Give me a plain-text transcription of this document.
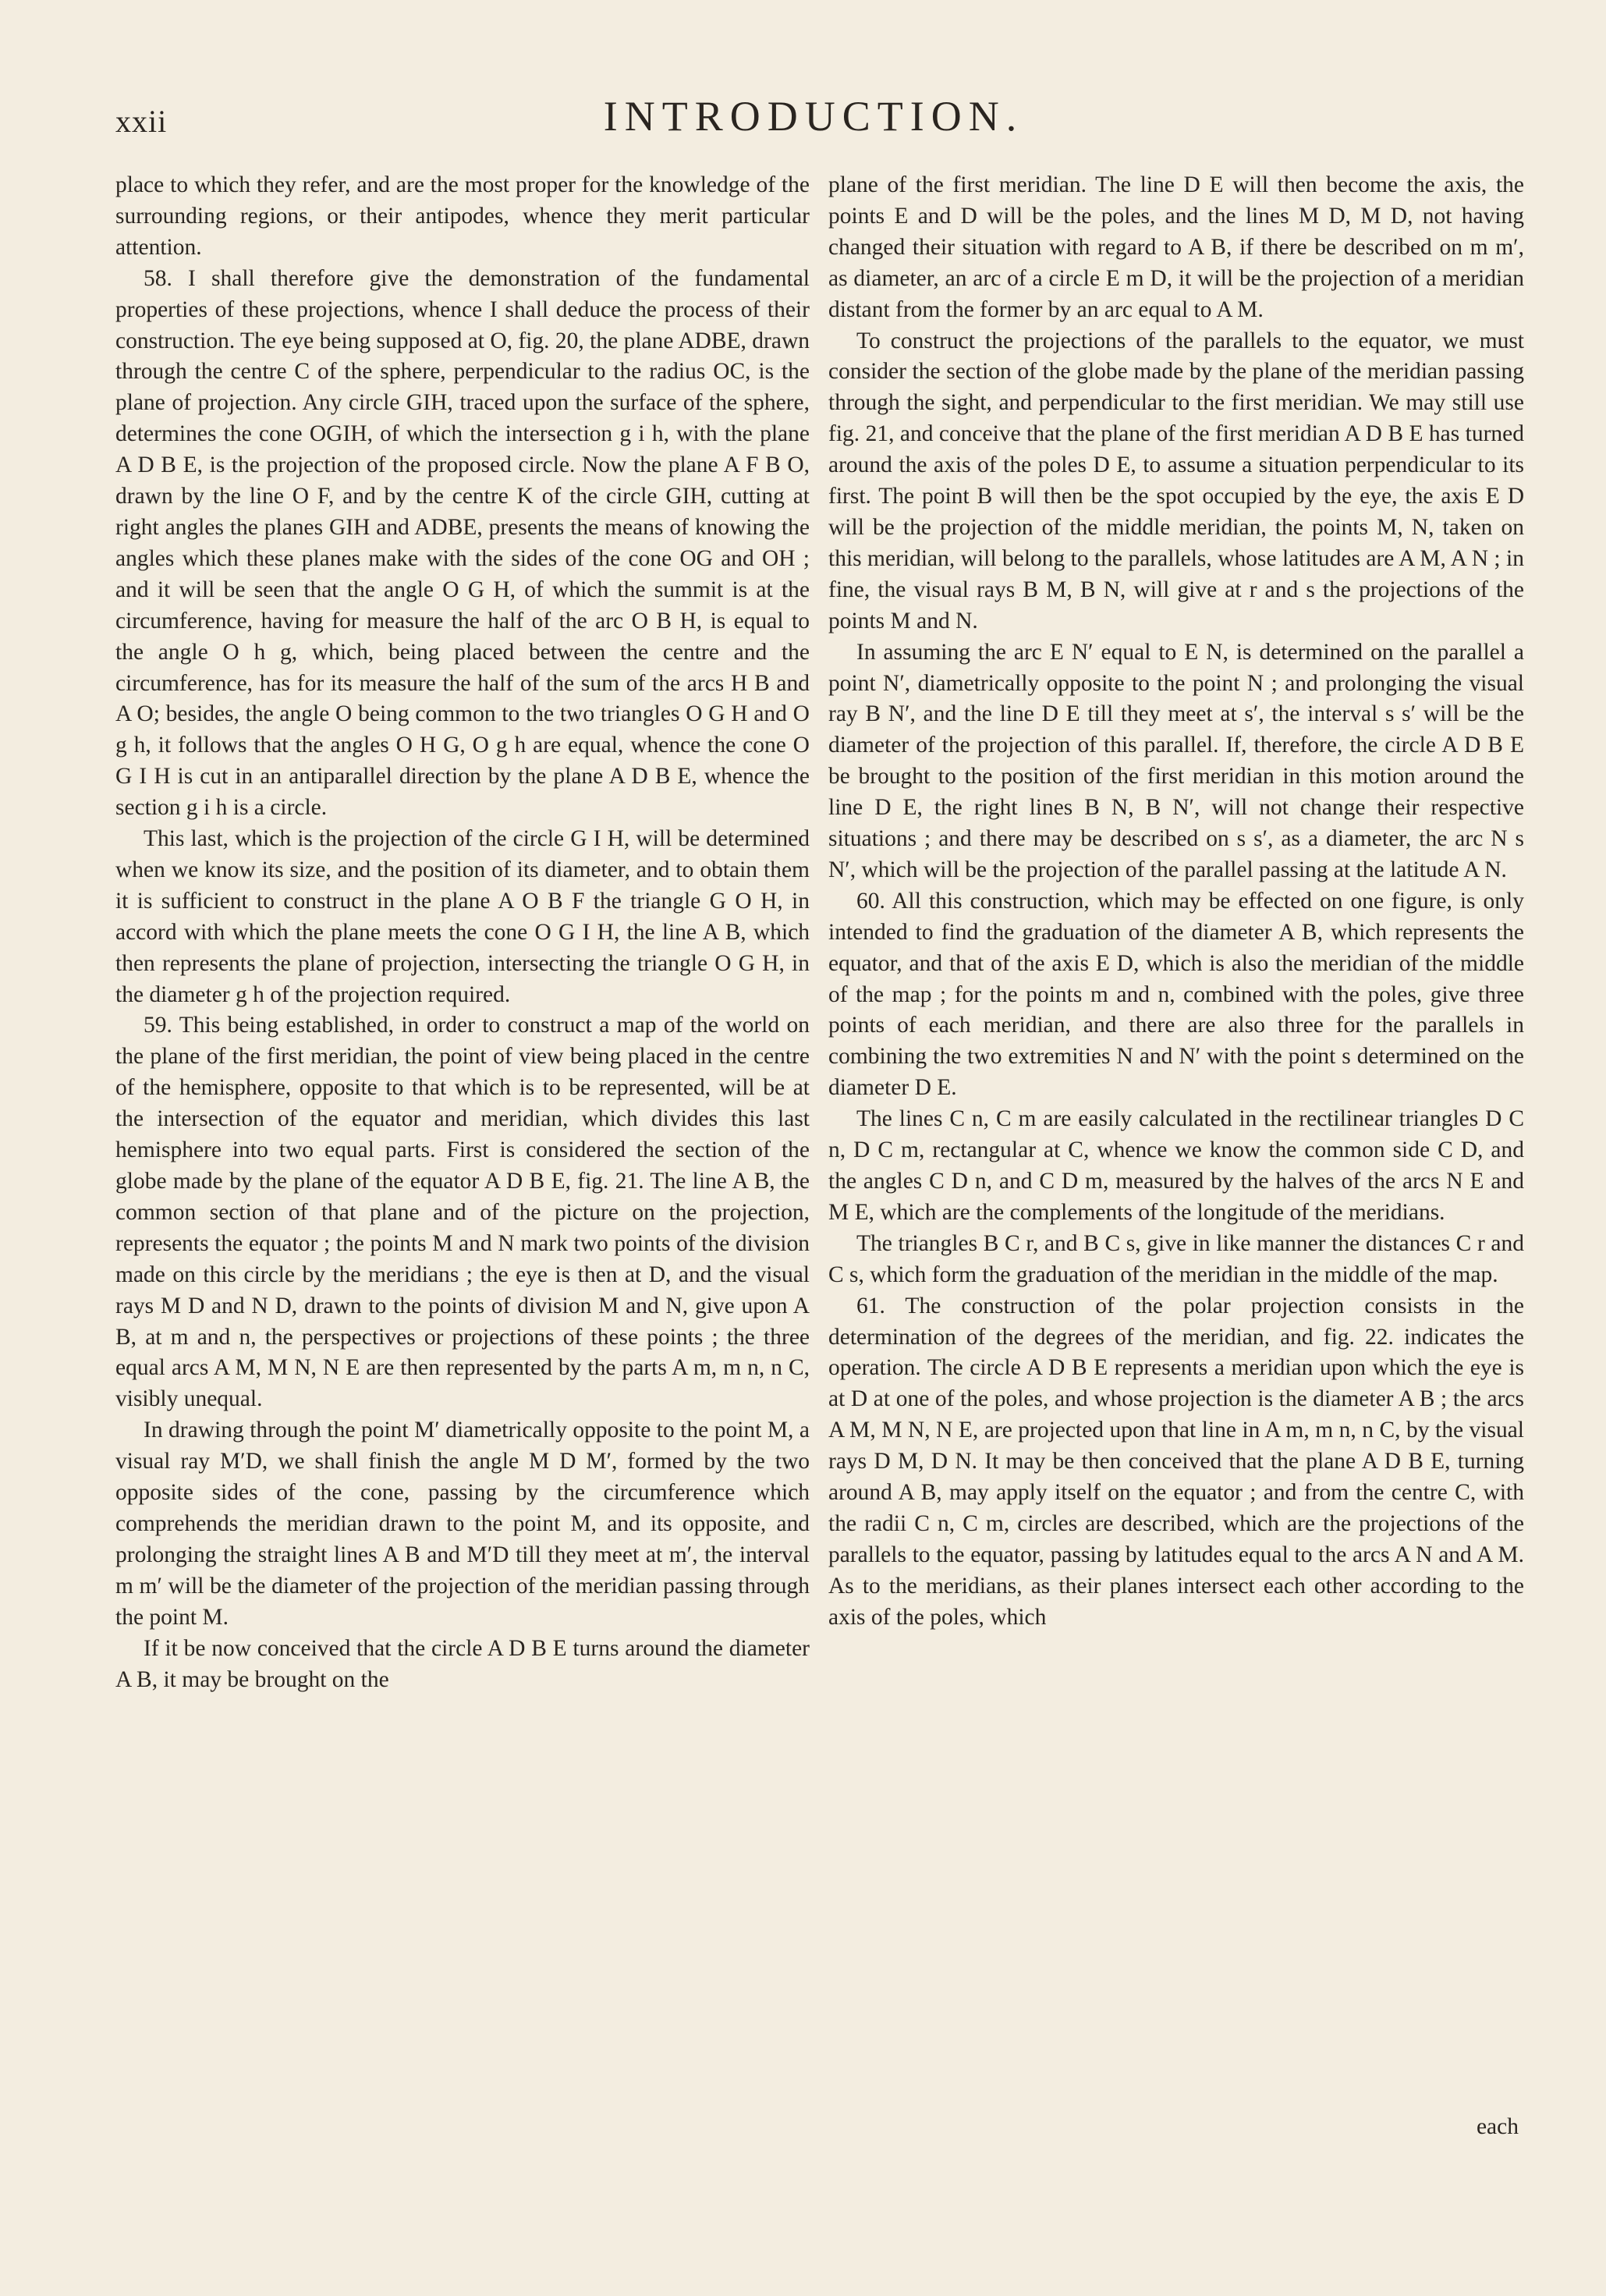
xxii	INTRODUCTION.

place to which they refer, and are the most proper for the knowledge of the surrounding regions, or their antipodes, whence they merit particular attention.

58. I shall therefore give the demonstration of the fundamental properties of these projections, whence I shall deduce the process of their construction. The eye being supposed at O, fig. 20, the plane ADBE, drawn through the centre C of the sphere, perpendicular to the radius OC, is the plane of projection. Any circle GIH, traced upon the surface of the sphere, determines the cone OGIH, of which the intersection g i h, with the plane A D B E, is the projection of the proposed circle. Now the plane A F B O, drawn by the line O F, and by the centre K of the circle GIH, cutting at right angles the planes GIH and ADBE, presents the means of knowing the angles which these planes make with the sides of the cone OG and OH ; and it will be seen that the angle O G H, of which the summit is at the circumference, having for measure the half of the arc O B H, is equal to the angle O h g, which, being placed between the centre and the circumference, has for its measure the half of the sum of the arcs H B and A O; besides, the angle O being common to the two triangles O G H and O g h, it follows that the angles O H G, O g h are equal, whence the cone O G I H is cut in an antiparallel direction by the plane A D B E, whence the section g i h is a circle.

This last, which is the projection of the circle G I H, will be determined when we know its size, and the position of its diameter, and to obtain them it is sufficient to construct in the plane A O B F the triangle G O H, in accord with which the plane meets the cone O G I H, the line A B, which then represents the plane of projection, intersecting the triangle O G H, in the diameter g h of the projection required.

59. This being established, in order to construct a map of the world on the plane of the first meridian, the point of view being placed in the centre of the hemisphere, opposite to that which is to be represented, will be at the intersection of the equator and meridian, which divides this last hemisphere into two equal parts. First is considered the section of the globe made by the plane of the equator A D B E, fig. 21. The line A B, the common section of that plane and of the picture on the projection, represents the equator ; the points M and N mark two points of the division made on this circle by the meridians ; the eye is then at D, and the visual rays M D and N D, drawn to the points of division M and N, give upon A B, at m and n, the perspectives or projections of these points ; the three equal arcs A M, M N, N E are then represented by the parts A m, m n, n C, visibly unequal.

In drawing through the point M′ diametrically opposite to the point M, a visual ray M′D, we shall finish the angle M D M′, formed by the two opposite sides of the cone, passing by the circumference which comprehends the meridian drawn to the point M, and its opposite, and prolonging the straight lines A B and M′D till they meet at m′, the interval m m′ will be the diameter of the projection of the meridian passing through the point M.

If it be now conceived that the circle A D B E turns around the diameter A B, it may be brought on the

plane of the first meridian. The line D E will then become the axis, the points E and D will be the poles, and the lines M D, M D, not having changed their situation with regard to A B, if there be described on m m′, as diameter, an arc of a circle E m D, it will be the projection of a meridian distant from the former by an arc equal to A M.

To construct the projections of the parallels to the equator, we must consider the section of the globe made by the plane of the meridian passing through the sight, and perpendicular to the first meridian. We may still use fig. 21, and conceive that the plane of the first meridian A D B E has turned around the axis of the poles D E, to assume a situation perpendicular to its first. The point B will then be the spot occupied by the eye, the axis E D will be the projection of the middle meridian, the points M, N, taken on this meridian, will belong to the parallels, whose latitudes are A M, A N ; in fine, the visual rays B M, B N, will give at r and s the projections of the points M and N.

In assuming the arc E N′ equal to E N, is determined on the parallel a point N′, diametrically opposite to the point N ; and prolonging the visual ray B N′, and the line D E till they meet at s′, the interval s s′ will be the diameter of the projection of this parallel. If, therefore, the circle A D B E be brought to the position of the first meridian in this motion around the line D E, the right lines B N, B N′, will not change their respective situations ; and there may be described on s s′, as a diameter, the arc N s N′, which will be the projection of the parallel passing at the latitude A N.

60. All this construction, which may be effected on one figure, is only intended to find the graduation of the diameter A B, which represents the equator, and that of the axis E D, which is also the meridian of the middle of the map ; for the points m and n, combined with the poles, give three points of each meridian, and there are also three for the parallels in combining the two extremities N and N′ with the point s determined on the diameter D E.

The lines C n, C m are easily calculated in the rectilinear triangles D C n, D C m, rectangular at C, whence we know the common side C D, and the angles C D n, and C D m, measured by the halves of the arcs N E and M E, which are the complements of the longitude of the meridians.

The triangles B C r, and B C s, give in like manner the distances C r and C s, which form the graduation of the meridian in the middle of the map.

61. The construction of the polar projection consists in the determination of the degrees of the meridian, and fig. 22. indicates the operation. The circle A D B E represents a meridian upon which the eye is at D at one of the poles, and whose projection is the diameter A B ; the arcs A M, M N, N E, are projected upon that line in A m, m n, n C, by the visual rays D M, D N. It may be then conceived that the plane A D B E, turning around A B, may apply itself on the equator ; and from the centre C, with the radii C n, C m, circles are described, which are the projections of the parallels to the equator, passing by latitudes equal to the arcs A N and A M. As to the meridians, as their planes intersect each other according to the axis of the poles, which

each
